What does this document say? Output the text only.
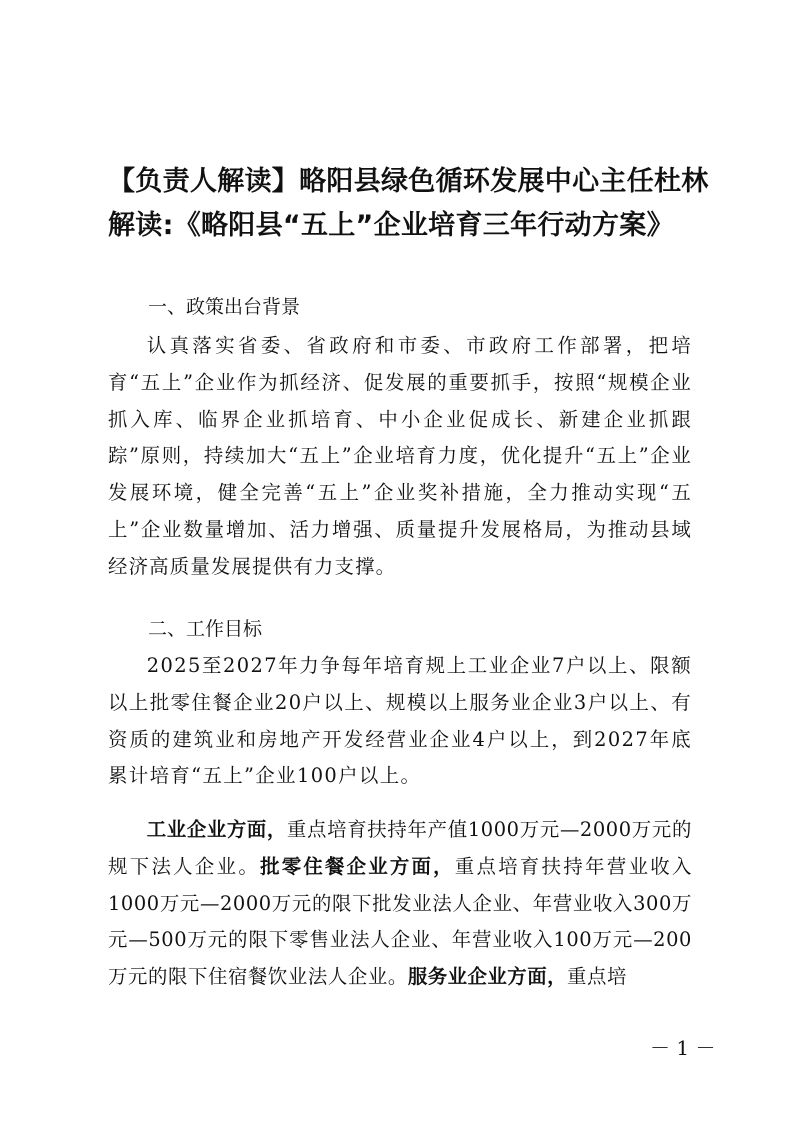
【负责人解读】略阳县绿色循环发展中心主任杜林
解读:《略阳县“五上”企业培育三年行动方案》
一、政策出台背景
认真落实省委、省政府和市委、市政府工作部署，把培育“五上”企业作为抓经济、促发展的重要抓手，按照“规模企业抓入库、临界企业抓培育、中小企业促成长、新建企业抓跟踪”原则，持续加大“五上”企业培育力度，优化提升“五上”企业发展环境，健全完善“五上”企业奖补措施，全力推动实现“五上”企业数量增加、活力增强、质量提升发展格局，为推动县域经济高质量发展提供有力支撑。
二、工作目标
2025至2027年力争每年培育规上工业企业7户以上、限额以上批零住餐企业20户以上、规模以上服务业企业3户以上、有资质的建筑业和房地产开发经营业企业4户以上，到2027年底累计培育“五上”企业100户以上。
工业企业方面，重点培育扶持年产值1000万元—2000万元的规下法人企业。批零住餐企业方面，重点培育扶持年营业收入1000万元—2000万元的限下批发业法人企业、年营业收入300万元—500万元的限下零售业法人企业、年营业收入100万元—200万元的限下住宿餐饮业法人企业。服务业企业方面，重点培
－ 1 －
